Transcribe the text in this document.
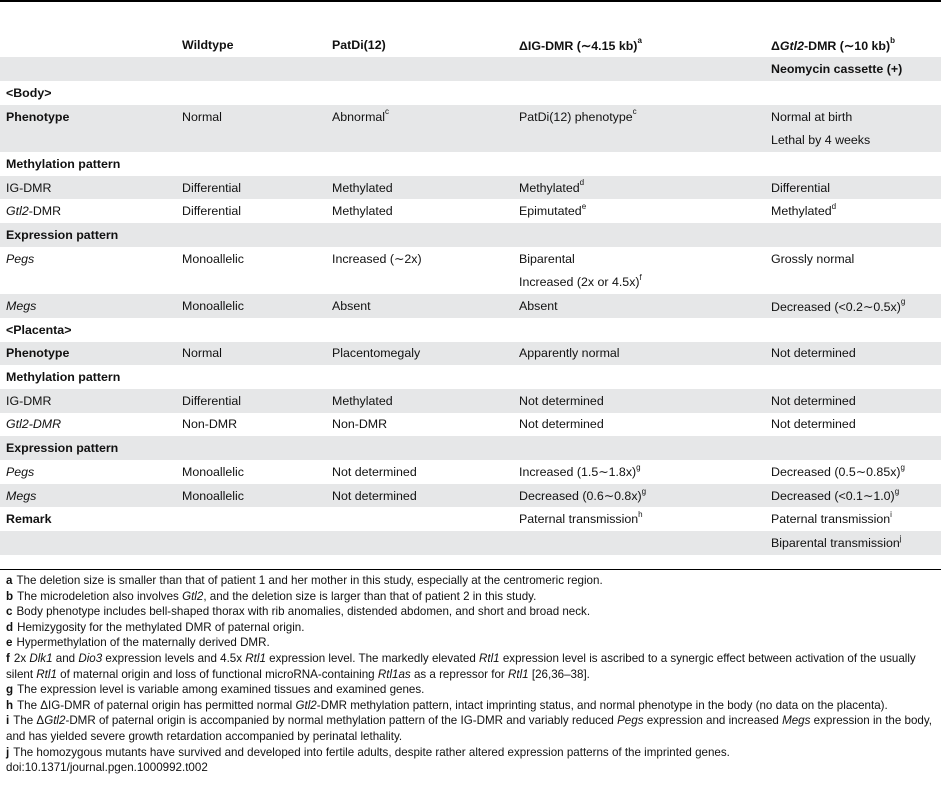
	Wildtype	PatDi(12)	ΔIG-DMR (∼4.15 kb)$^a$	ΔGtl2-DMR (∼10 kb)$^b$
				Neomycin cassette (+)
<Body>				
Phenotype	Normal	Abnormal$^c$	PatDi(12) phenotype$^c$	Normal at birth
				Lethal by 4 weeks
Methylation pattern				
IG-DMR	Differential	Methylated	Methylated$^d$	Differential
Gtl2-DMR	Differential	Methylated	Epimutated$^e$	Methylated$^d$
Expression pattern				
Pegs	Monoallelic	Increased (∼2x)	Biparental	Grossly normal
			Increased (2x or 4.5x)$^f$	
Megs	Monoallelic	Absent	Absent	Decreased (<0.2∼0.5x)$^g$
<Placenta>				
Phenotype	Normal	Placentomegaly	Apparently normal	Not determined
Methylation pattern				
IG-DMR	Differential	Methylated	Not determined	Not determined
Gtl2-DMR	Non-DMR	Non-DMR	Not determined	Not determined
Expression pattern				
Pegs	Monoallelic	Not determined	Increased (1.5∼1.8x)$^g$	Decreased (0.5∼0.85x)$^g$
Megs	Monoallelic	Not determined	Decreased (0.6∼0.8x)$^g$	Decreased (<0.1∼1.0)$^g$
Remark			Paternal transmission$^h$	Paternal transmission$^i$
				Biparental transmission$^j$

a The deletion size is smaller than that of patient 1 and her mother in this study, especially at the centromeric region.

b The microdeletion also involves Gtl2, and the deletion size is larger than that of patient 2 in this study.

c Body phenotype includes bell-shaped thorax with rib anomalies, distended abdomen, and short and broad neck.

d Hemizygosity for the methylated DMR of paternal origin.

e Hypermethylation of the maternally derived DMR.

f 2x Dlk1 and Dio3 expression levels and 4.5x Rtl1 expression level. The markedly elevated Rtl1 expression level is ascribed to a synergic effect between activation of the usually silent Rtl1 of maternal origin and loss of functional microRNA-containing Rtl1as as a repressor for Rtl1 [26,36–38].

g The expression level is variable among examined tissues and examined genes.

h The ΔIG-DMR of paternal origin has permitted normal Gtl2-DMR methylation pattern, intact imprinting status, and normal phenotype in the body (no data on the placenta).

i The ΔGtl2-DMR of paternal origin is accompanied by normal methylation pattern of the IG-DMR and variably reduced Pegs expression and increased Megs expression in the body, and has yielded severe growth retardation accompanied by perinatal lethality.

j The homozygous mutants have survived and developed into fertile adults, despite rather altered expression patterns of the imprinted genes.

doi:10.1371/journal.pgen.1000992.t002
